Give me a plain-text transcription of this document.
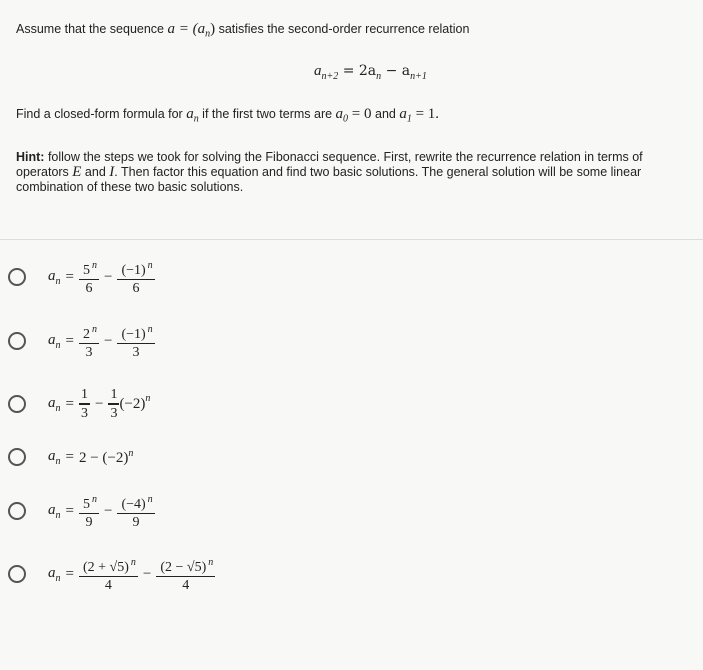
Assume that the sequence $a = (a_n)$ satisfies the second-order recurrence relation
$a_{n+2} = 2a_n - a_{n+1}$
Find a closed-form formula for $a_n$ if the first two terms are $a_0 = 0$ and $a_1 = 1$.
Hint: follow the steps we took for solving the Fibonacci sequence. First, rewrite the recurrence relation in terms of operators E and I. Then factor this equation and find two basic solutions. The general solution will be some linear combination of these two basic solutions.
$a_n = \frac{5 ^n}{6} - \frac{(-1) ^n}{6}$
$a_n = \frac{2 ^n}{3} - \frac{(-1) ^n}{3}$
$a_n = \frac{1}{3} - \frac{1}{3} (-2)^n$
$a_n = 2 - (-2)^n$
$a_n = \frac{5 ^n}{9} - \frac{(-4) ^n}{9}$
$a_n = \frac{(2 + √5) ^n}{4} - \frac{(2 - √5) ^n}{4}$
